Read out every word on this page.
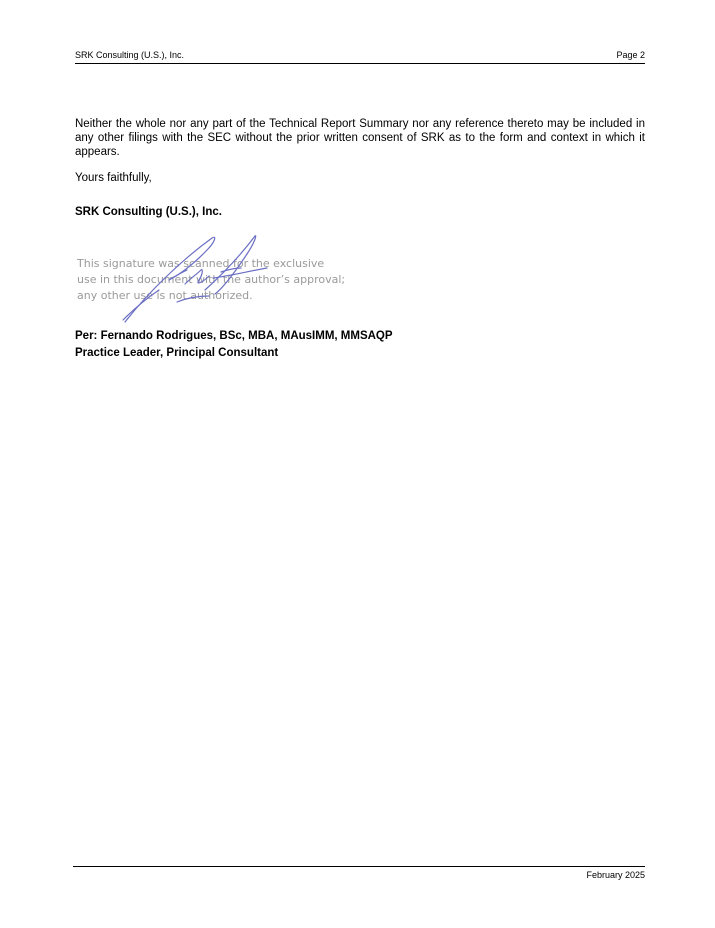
SRK Consulting (U.S.), Inc.	Page 2

Neither the whole nor any part of the Technical Report Summary nor any reference thereto may be included in any other filings with the SEC without the prior written consent of SRK as to the form and context in which it appears.

Yours faithfully,
SRK Consulting (U.S.), Inc.
This signature was scanned for the exclusive
use in this document with the author’s approval;
any other use is not authorized.
Per: Fernando Rodrigues, BSc, MBA, MAusIMM, MMSAQP
Practice Leader, Principal Consultant
February 2025
